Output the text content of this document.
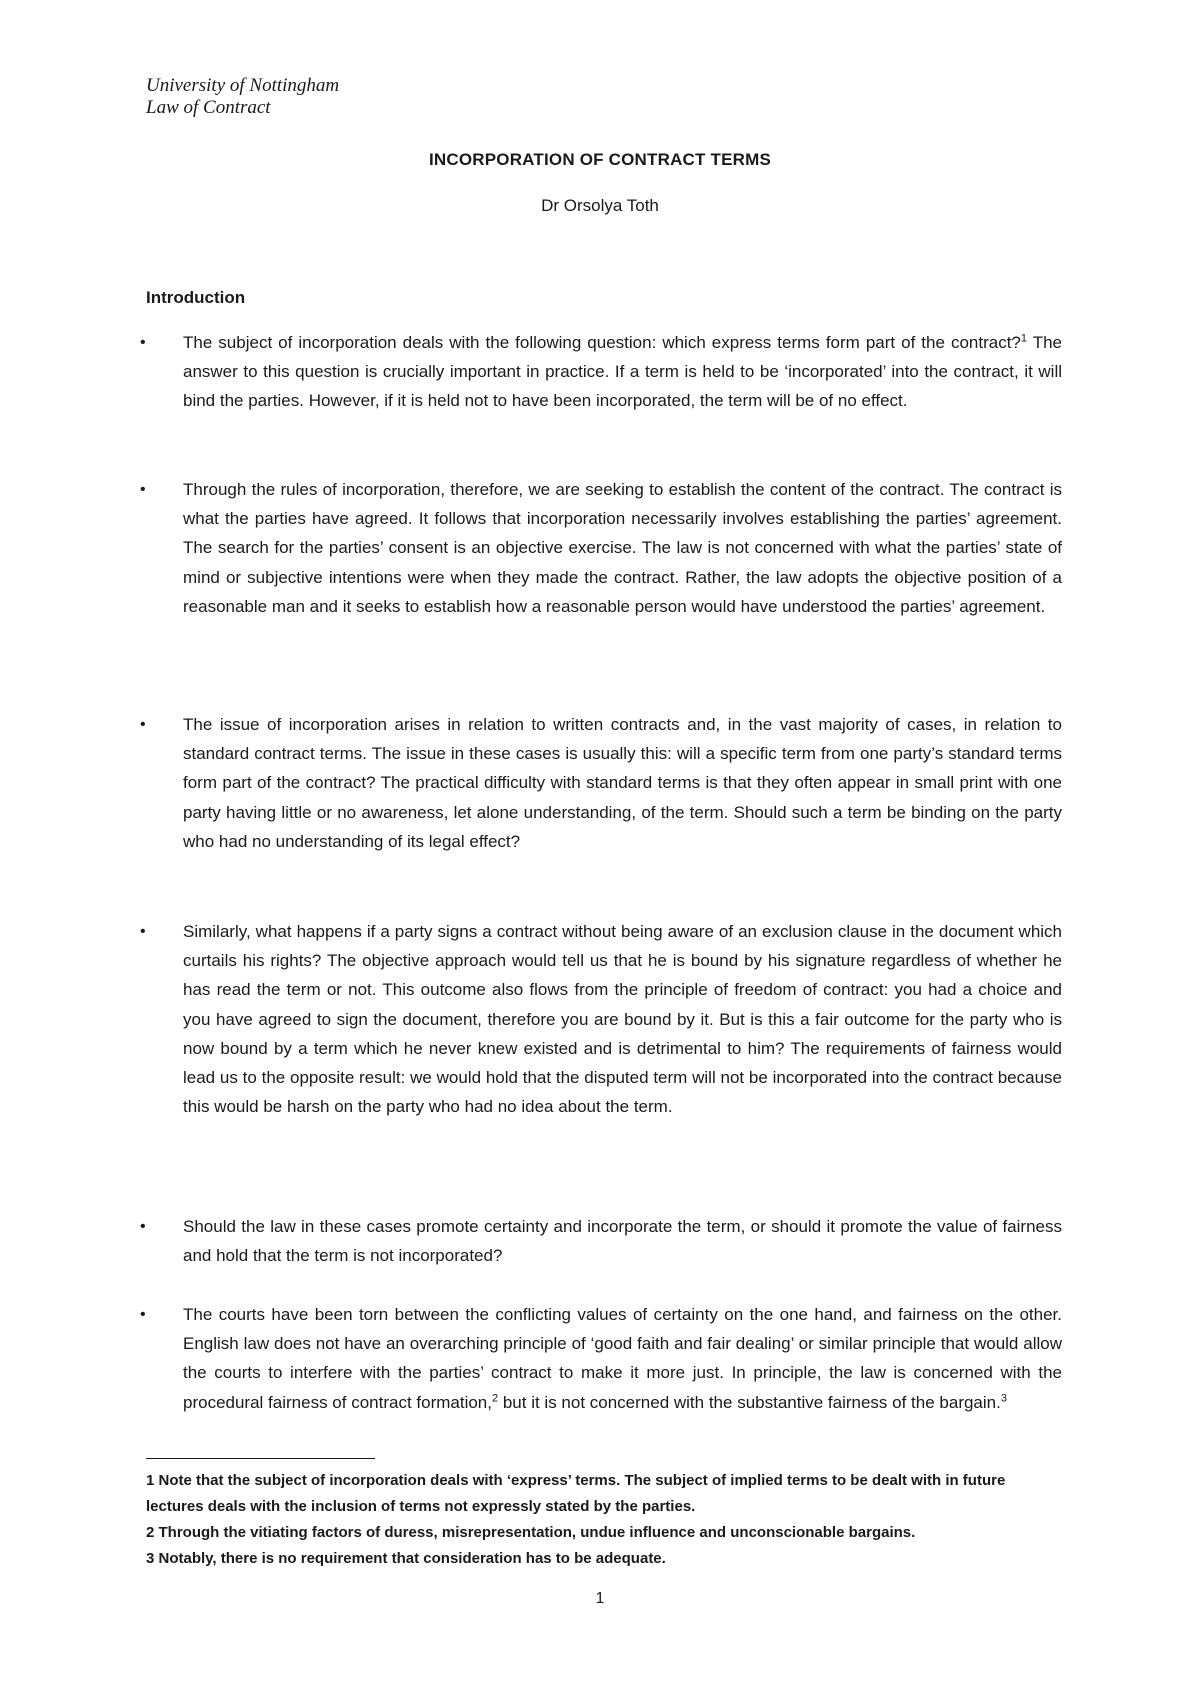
University of Nottingham
Law of Contract
INCORPORATION OF CONTRACT TERMS
Dr Orsolya Toth
Introduction
• The subject of incorporation deals with the following question: which express terms form part of the contract?$^1$ The answer to this question is crucially important in practice. If a term is held to be ‘incorporated’ into the contract, it will bind the parties. However, if it is held not to have been incorporated, the term will be of no effect.
• Through the rules of incorporation, therefore, we are seeking to establish the content of the contract. The contract is what the parties have agreed. It follows that incorporation necessarily involves establishing the parties’ agreement. The search for the parties’ consent is an objective exercise. The law is not concerned with what the parties’ state of mind or subjective intentions were when they made the contract. Rather, the law adopts the objective position of a reasonable man and it seeks to establish how a reasonable person would have understood the parties’ agreement.
• The issue of incorporation arises in relation to written contracts and, in the vast majority of cases, in relation to standard contract terms. The issue in these cases is usually this: will a specific term from one party’s standard terms form part of the contract? The practical difficulty with standard terms is that they often appear in small print with one party having little or no awareness, let alone understanding, of the term. Should such a term be binding on the party who had no understanding of its legal effect?
• Similarly, what happens if a party signs a contract without being aware of an exclusion clause in the document which curtails his rights? The objective approach would tell us that he is bound by his signature regardless of whether he has read the term or not. This outcome also flows from the principle of freedom of contract: you had a choice and you have agreed to sign the document, therefore you are bound by it. But is this a fair outcome for the party who is now bound by a term which he never knew existed and is detrimental to him? The requirements of fairness would lead us to the opposite result: we would hold that the disputed term will not be incorporated into the contract because this would be harsh on the party who had no idea about the term.
• Should the law in these cases promote certainty and incorporate the term, or should it promote the value of fairness and hold that the term is not incorporated?
• The courts have been torn between the conflicting values of certainty on the one hand, and fairness on the other. English law does not have an overarching principle of ‘good faith and fair dealing’ or similar principle that would allow the courts to interfere with the parties’ contract to make it more just. In principle, the law is concerned with the procedural fairness of contract formation,$^2$ but it is not concerned with the substantive fairness of the bargain.$^3$

1 Note that the subject of incorporation deals with ‘express’ terms. The subject of implied terms to be dealt with in future lectures deals with the inclusion of terms not expressly stated by the parties.

2 Through the vitiating factors of duress, misrepresentation, undue influence and unconscionable bargains.

3 Notably, there is no requirement that consideration has to be adequate.

1
